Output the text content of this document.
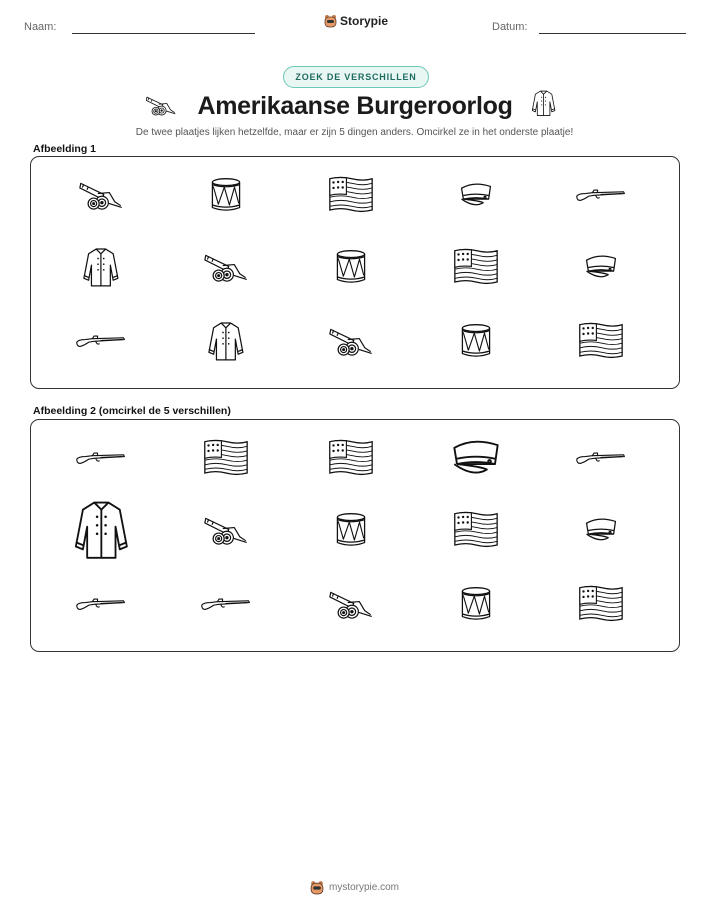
Naam:	Storypie	Datum:
ZOEK DE VERSCHILLEN
Amerikaanse Burgeroorlog
De twee plaatjes lijken hetzelfde, maar er zijn 5 dingen anders. Omcirkel ze in het onderste plaatje!
Afbeelding 1
Afbeelding 2 (omcirkel de 5 verschillen)
mystorypie.com
